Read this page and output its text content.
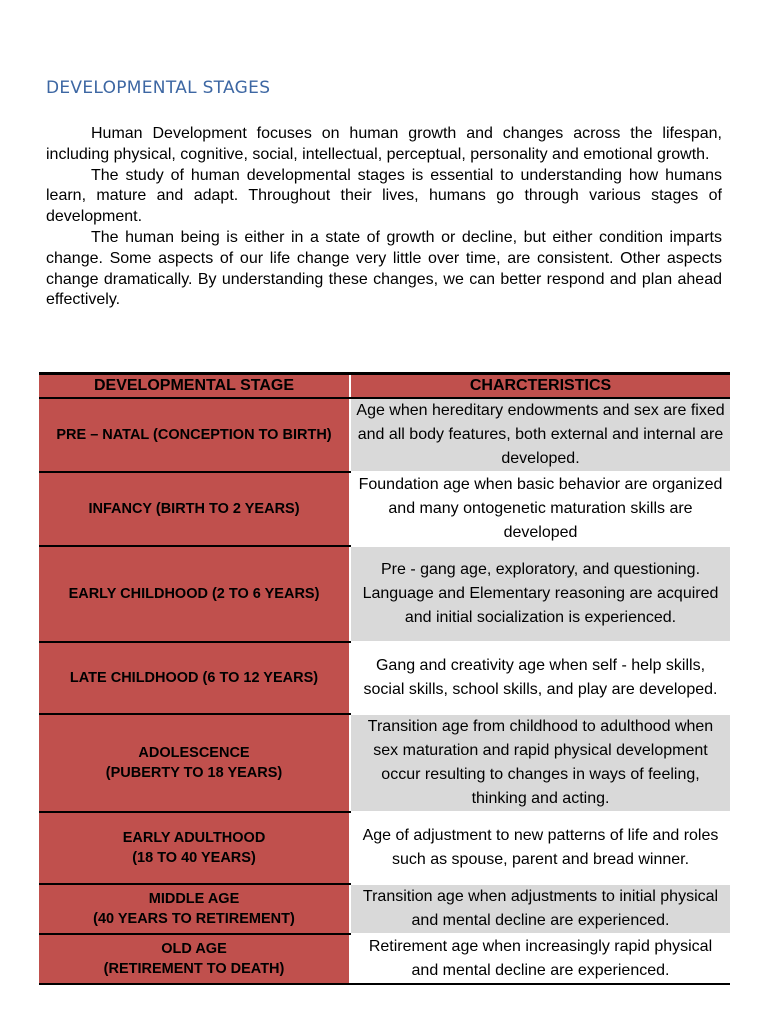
DEVELOPMENTAL STAGES

Human Development focuses on human growth and changes across the lifespan, including physical, cognitive, social, intellectual, perceptual, personality and emotional growth.

The study of human developmental stages is essential to understanding how humans learn, mature and adapt. Throughout their lives, humans go through various stages of development.

The human being is either in a state of growth or decline, but either condition imparts change. Some aspects of our life change very little over time, are consistent. Other aspects change dramatically. By understanding these changes, we can better respond and plan ahead effectively.

DEVELOPMENTAL STAGE	CHARCTERISTICS

PRE – NATAL (CONCEPTION TO BIRTH)	Age when hereditary endowments and sex are fixed and all body features, both external and internal are developed.

INFANCY (BIRTH TO 2 YEARS)	Foundation age when basic behavior are organized and many ontogenetic maturation skills are developed

EARLY CHILDHOOD (2 TO 6 YEARS)	Pre - gang age, exploratory, and questioning. Language and Elementary reasoning are acquired and initial socialization is experienced.

LATE CHILDHOOD (6 TO 12 YEARS)	Gang and creativity age when self - help skills, social skills, school skills, and play are developed.

ADOLESCENCE
(PUBERTY TO 18 YEARS)	Transition age from childhood to adulthood when sex maturation and rapid physical development occur resulting to changes in ways of feeling, thinking and acting.

EARLY ADULTHOOD
(18 TO 40 YEARS)	Age of adjustment to new patterns of life and roles such as spouse, parent and bread winner.

MIDDLE AGE
(40 YEARS TO RETIREMENT)	Transition age when adjustments to initial physical and mental decline are experienced.

OLD AGE
(RETIREMENT TO DEATH)	Retirement age when increasingly rapid physical and mental decline are experienced.
